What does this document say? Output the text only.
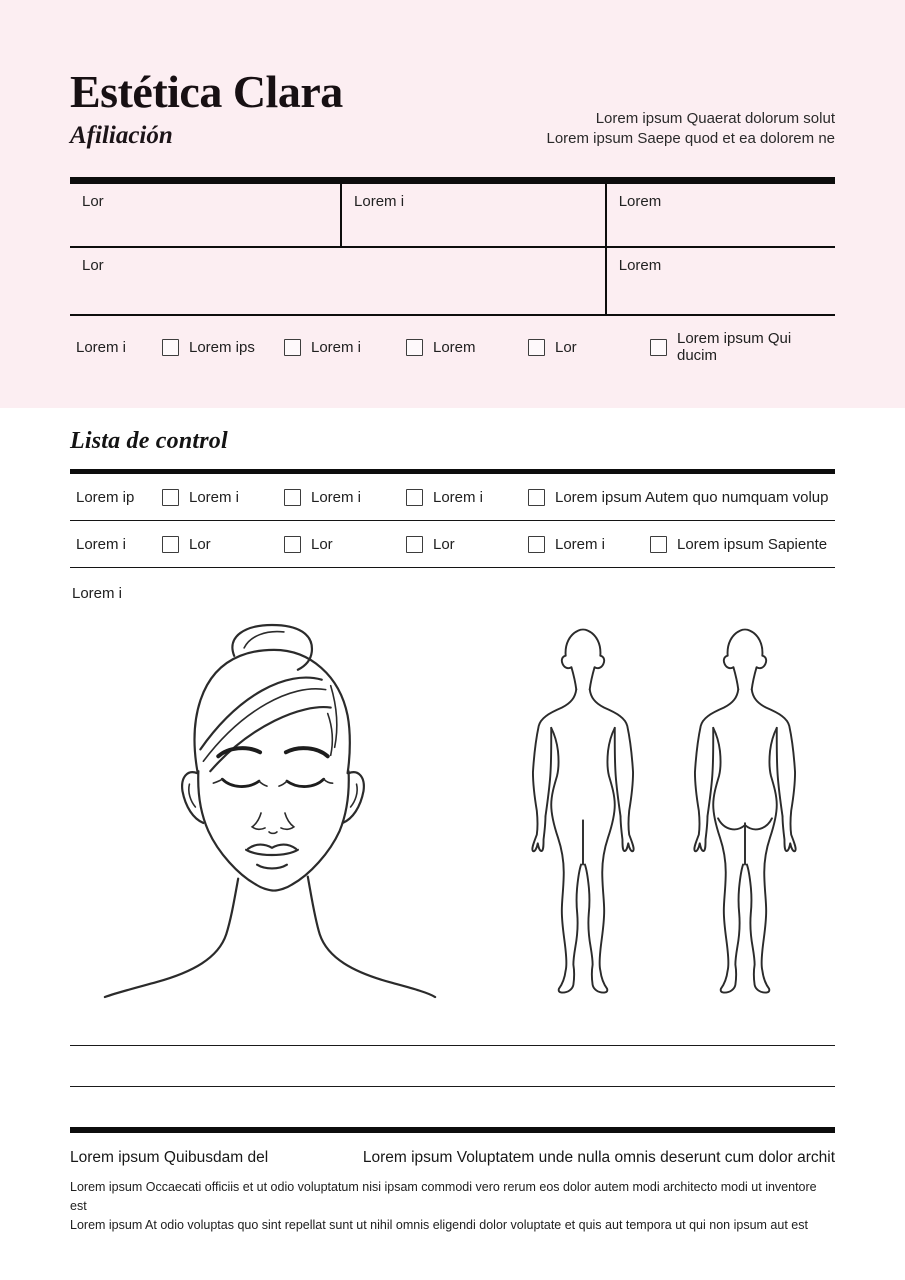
Estética Clara
Afiliación
Lorem ipsum Quaerat dolorum solut
Lorem ipsum Saepe quod et ea dolorem ne
Lor	Lorem i	Lorem
Lor	Lorem
Lorem i	Lorem ips	Lorem i	Lorem	Lor	Lorem ipsum Qui ducim
Lista de control
Lorem ip	Lorem i	Lorem i	Lorem i	Lorem ipsum Autem quo numquam volup
Lorem i	Lor	Lor	Lor	Lorem i	Lorem ipsum Sapiente
Lorem i
Lorem ipsum Quibusdam del	Lorem ipsum Voluptatem unde nulla omnis deserunt cum dolor archit
Lorem ipsum Occaecati officiis et ut odio voluptatum nisi ipsam commodi vero rerum eos dolor autem modi architecto modi ut inventore est
Lorem ipsum At odio voluptas quo sint repellat sunt ut nihil omnis eligendi dolor voluptate et quis aut tempora ut qui non ipsum aut est
